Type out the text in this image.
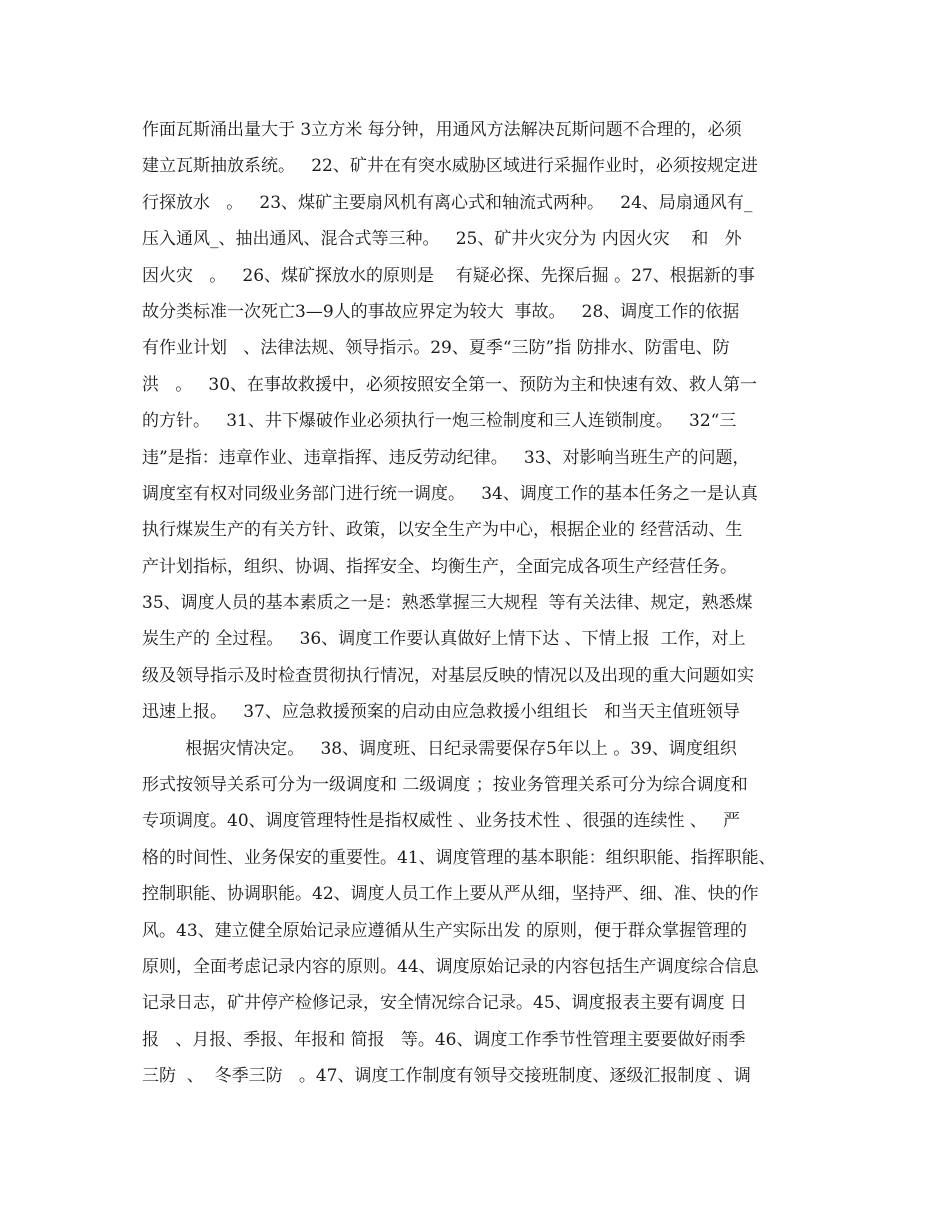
作面瓦斯涌出量大于 3立方米 每分钟，用通风方法解决瓦斯问题不合理的，必须
建立瓦斯抽放系统。   22、矿井在有突水威胁区域进行采掘作业时，必须按规定进
行探放水   。   23、煤矿主要扇风机有离心式和轴流式两种。   24、局扇通风有_
压入通风_、抽出通风、混合式等三种。   25、矿井火灾分为 内因火灾    和   外
因火灾   。   26、煤矿探放水的原则是    有疑必探、先探后掘 。27、根据新的事
故分类标准一次死亡3—9人的事故应界定为较大  事故。   28、调度工作的依据
有作业计划   、法律法规、领导指示。29、夏季“三防”指 防排水、防雷电、防
洪   。   30、在事故救援中，必须按照安全第一、预防为主和快速有效、救人第一
的方针。   31、井下爆破作业必须执行一炮三检制度和三人连锁制度。   32“三
违”是指：违章作业、违章指挥、违反劳动纪律。   33、对影响当班生产的问题，
调度室有权对同级业务部门进行统一调度。   34、调度工作的基本任务之一是认真
执行煤炭生产的有关方针、政策，以安全生产为中心，根据企业的 经营活动、生
产计划指标，组织、协调、指挥安全、均衡生产，全面完成各项生产经营任务。
35、调度人员的基本素质之一是：熟悉掌握三大规程  等有关法律、规定，熟悉煤
炭生产的 全过程。   36、调度工作要认真做好上情下达 、下情上报  工作，对上
级及领导指示及时检查贯彻执行情况，对基层反映的情况以及出现的重大问题如实
迅速上报。   37、应急救援预案的启动由应急救援小组组长   和当天主值班领导
根据灾情决定。   38、调度班、日纪录需要保存5年以上 。39、调度组织
形式按领导关系可分为一级调度和 二级调度 ；按业务管理关系可分为综合调度和
专项调度。40、调度管理特性是指权威性 、业务技术性 、很强的连续性 、   严
格的时间性、业务保安的重要性。41、调度管理的基本职能：组织职能、指挥职能、
控制职能、协调职能。42、调度人员工作上要从严从细，坚持严、细、准、快的作
风。43、建立健全原始记录应遵循从生产实际出发 的原则，便于群众掌握管理的
原则，全面考虑记录内容的原则。44、调度原始记录的内容包括生产调度综合信息
记录日志，矿井停产检修记录，安全情况综合记录。45、调度报表主要有调度 日
报   、月报、季报、年报和 简报   等。46、调度工作季节性管理主要要做好雨季
三防  、  冬季三防   。47、调度工作制度有领导交接班制度、逐级汇报制度 、调
